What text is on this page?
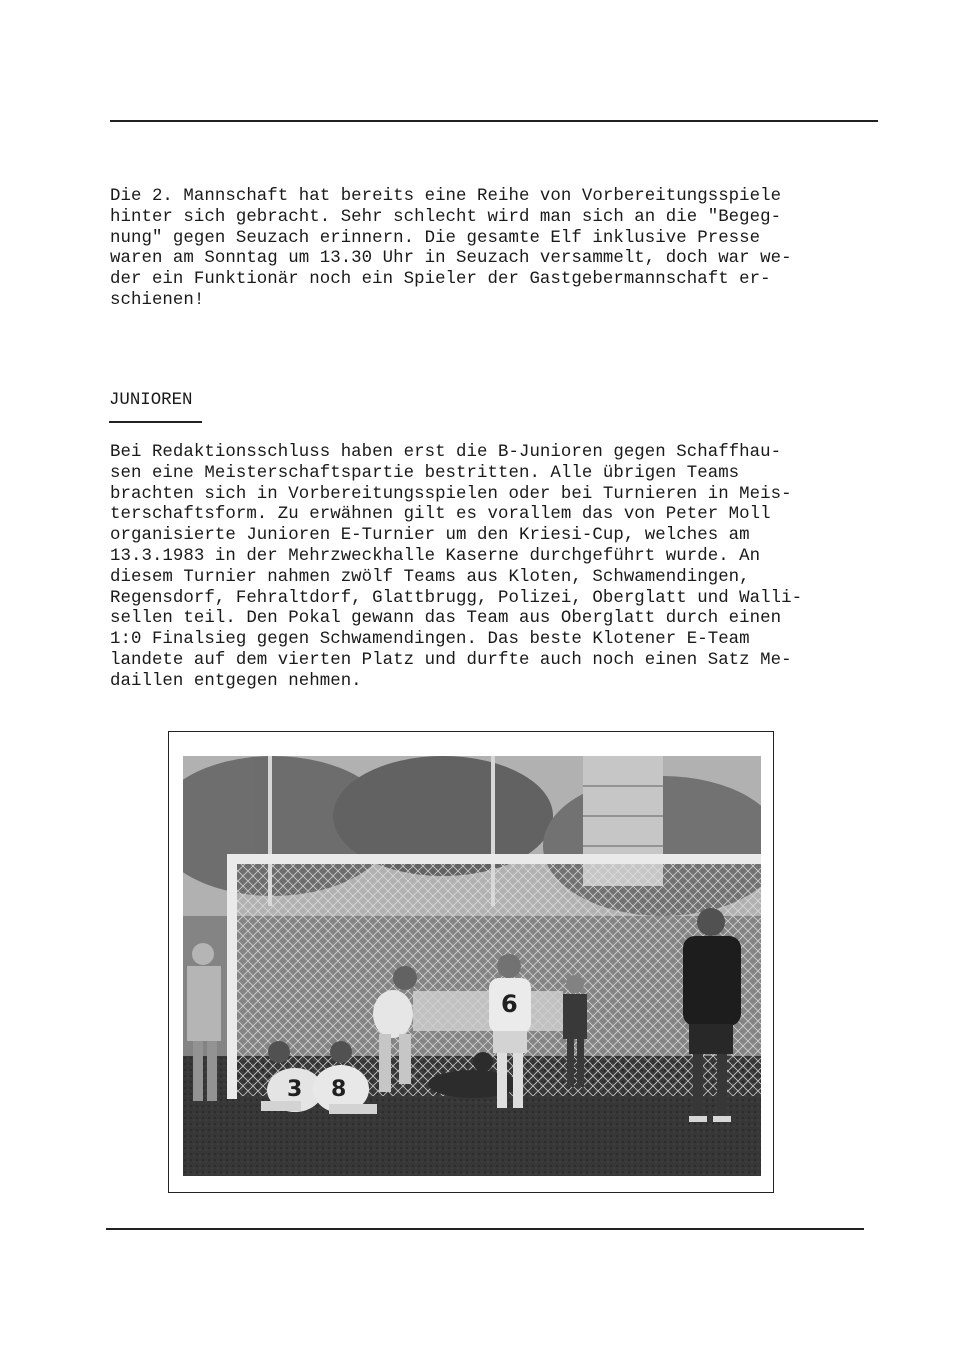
Die 2. Mannschaft hat bereits eine Reihe von Vorbereitungsspiele
hinter sich gebracht. Sehr schlecht wird man sich an die "Begeg-
nung" gegen Seuzach erinnern. Die gesamte Elf inklusive Presse
waren am Sonntag um 13.30 Uhr in Seuzach versammelt, doch war we-
der ein Funktionär noch ein Spieler der Gastgebermannschaft er-
schienen!

JUNIOREN

Bei Redaktionsschluss haben erst die B-Junioren gegen Schaffhau-
sen eine Meisterschaftspartie bestritten. Alle übrigen Teams
brachten sich in Vorbereitungsspielen oder bei Turnieren in Meis-
terschaftsform. Zu erwähnen gilt es vorallem das von Peter Moll
organisierte Junioren E-Turnier um den Kriesi-Cup, welches am
13.3.1983 in der Mehrzweckhalle Kaserne durchgeführt wurde. An
diesem Turnier nahmen zwölf Teams aus Kloten, Schwamendingen,
Regensdorf, Fehraltdorf, Glattbrugg, Polizei, Oberglatt und Walli-
sellen teil. Den Pokal gewann das Team aus Oberglatt durch einen
1:0 Finalsieg gegen Schwamendingen. Das beste Klotener E-Team
landete auf dem vierten Platz und durfte auch noch einen Satz Me-
daillen entgegen nehmen.

3 8
6
